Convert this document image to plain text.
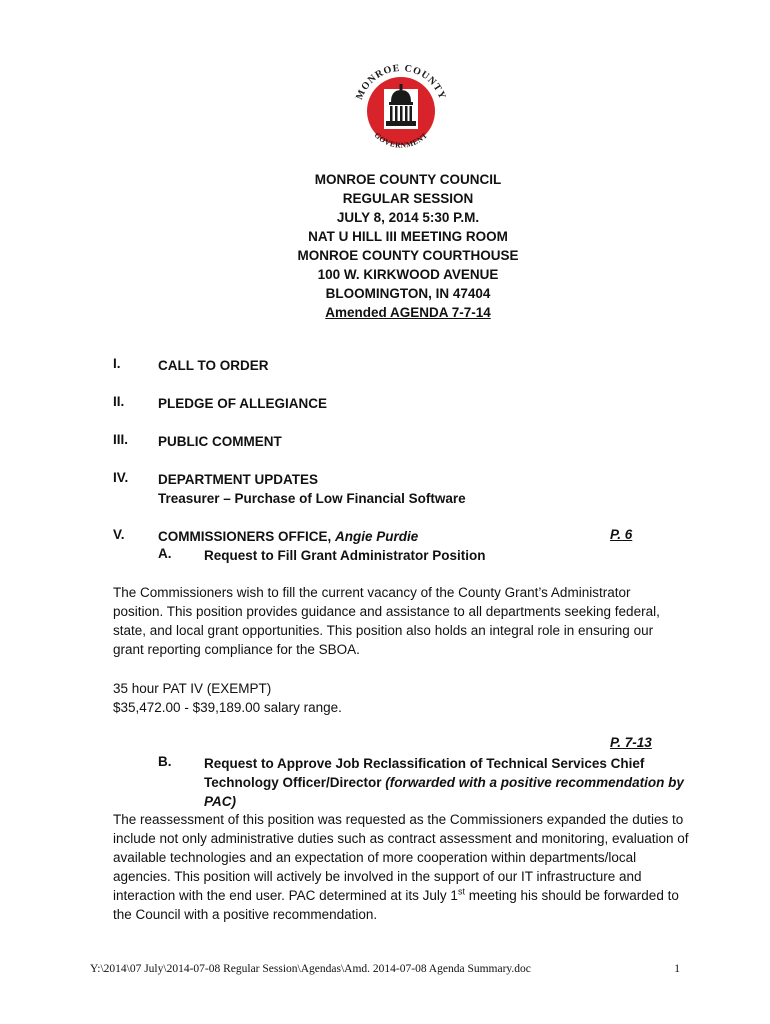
MONROE COUNTY
GOVERNMENT
MONROE COUNTY COUNCIL
REGULAR SESSION
JULY 8, 2014 5:30 P.M.
NAT U HILL III MEETING ROOM
MONROE COUNTY COURTHOUSE
100 W. KIRKWOOD AVENUE
BLOOMINGTON, IN 47404
Amended AGENDA 7-7-14
I.	CALL TO ORDER
II. PLEDGE OF ALLEGIANCE
III. PUBLIC COMMENT
IV. DEPARTMENT UPDATES
Treasurer – Purchase of Low Financial Software
V. COMMISSIONERS OFFICE, Angie Purdie	P. 6
A. Request to Fill Grant Administrator Position
The Commissioners wish to fill the current vacancy of the County Grant’s Administrator position. This position provides guidance and assistance to all departments seeking federal, state, and local grant opportunities. This position also holds an integral role in ensuring our grant reporting compliance for the SBOA.
35 hour PAT IV (EXEMPT)
$35,472.00 - $39,189.00 salary range.
P. 7-13
B. Request to Approve Job Reclassification of Technical Services Chief Technology Officer/Director (forwarded with a positive recommendation by PAC)
The reassessment of this position was requested as the Commissioners expanded the duties to include not only administrative duties such as contract assessment and monitoring, evaluation of available technologies and an expectation of more cooperation within departments/local agencies. This position will actively be involved in the support of our IT infrastructure and interaction with the end user. PAC determined at its July 1st meeting his should be forwarded to the Council with a positive recommendation.
Y:\2014\07 July\2014-07-08 Regular Session\Agendas\Amd. 2014-07-08 Agenda Summary.doc	1
